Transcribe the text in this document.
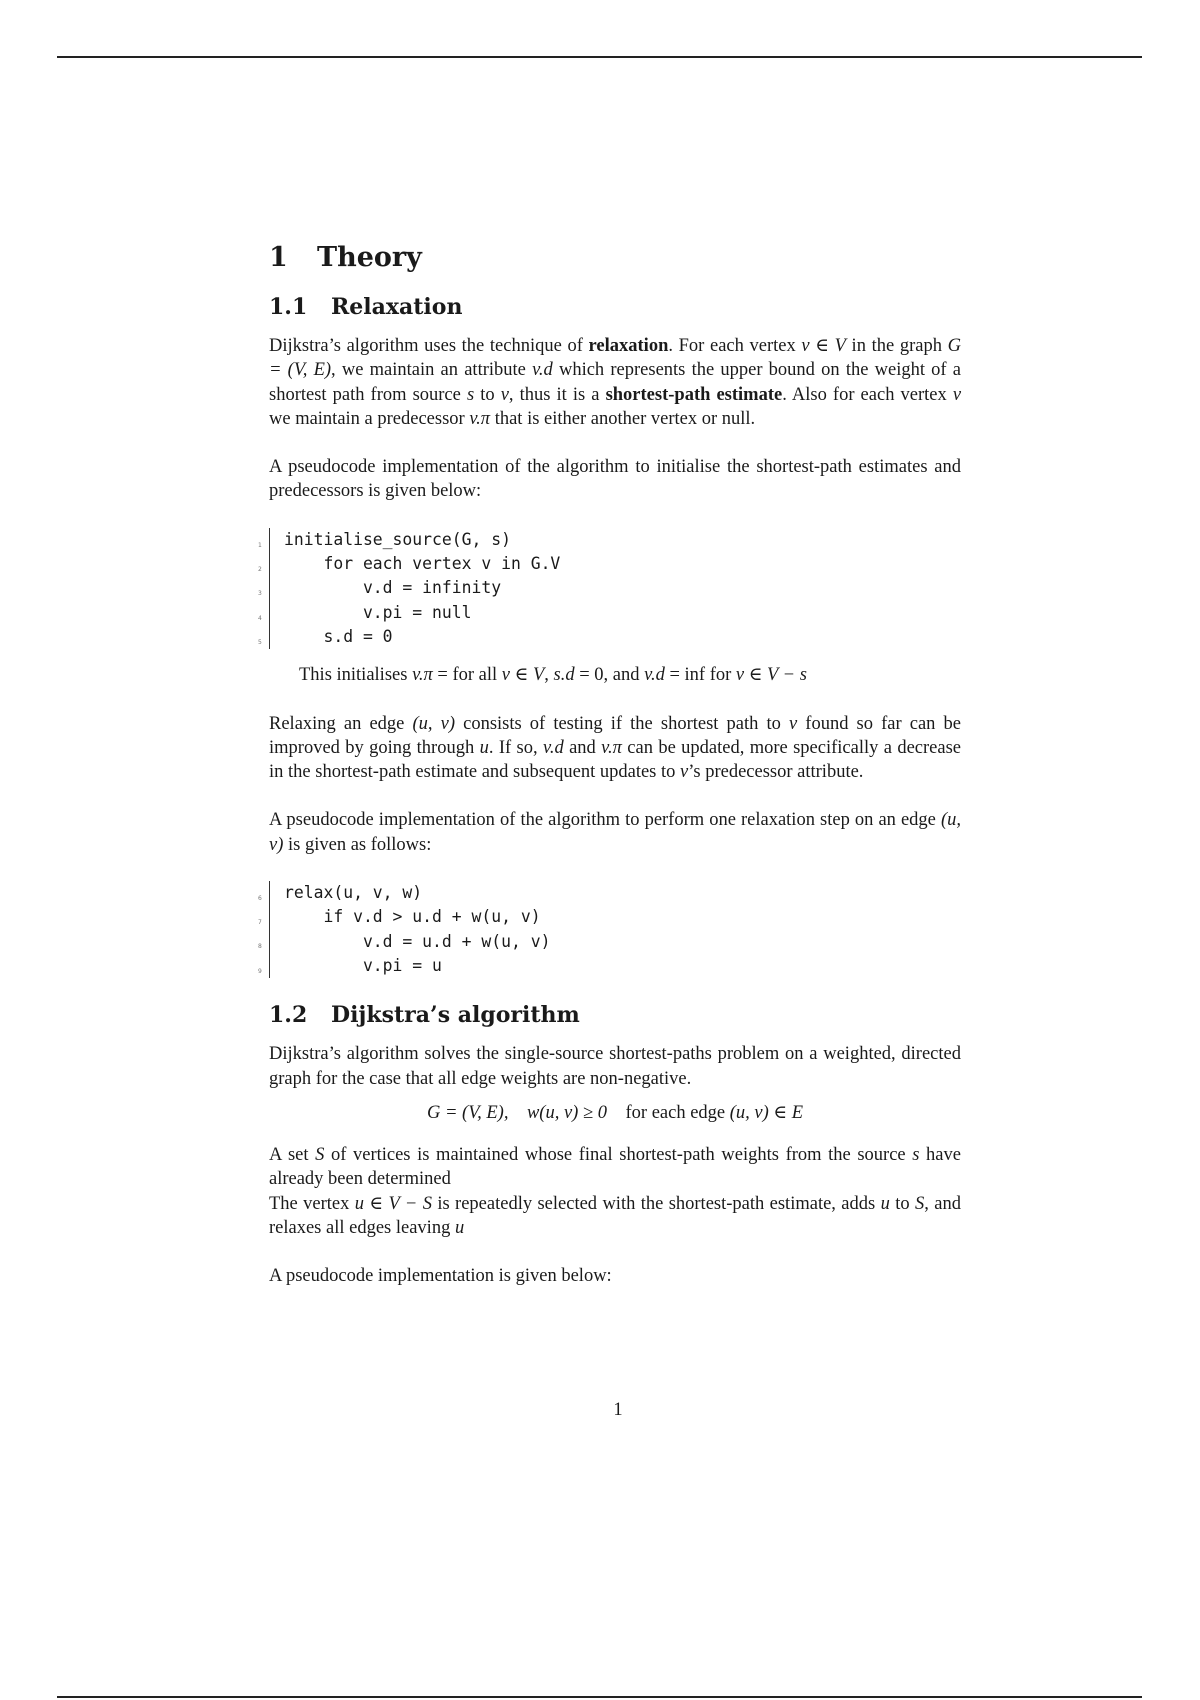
1 Theory
1.1 Relaxation

Dijkstra’s algorithm uses the technique of relaxation. For each vertex v ∈ V in the graph G = (V, E), we maintain an attribute v.d which represents the upper bound on the weight of a shortest path from source s to v, thus it is a shortest-path estimate. Also for each vertex v we maintain a predecessor v.π that is either another vertex or null.

A pseudocode implementation of the algorithm to initialise the shortest-path estimates and predecessors is given below:

1
2
3
4
5
initialise_source(G, s)
for each vertex v in G.V
v.d = infinity
v.pi = null
s.d = 0
This initialises v.π = for all v ∈ V, s.d = 0, and v.d = inf for v ∈ V − s

Relaxing an edge (u, v) consists of testing if the shortest path to v found so far can be improved by going through u. If so, v.d and v.π can be updated, more specifically a decrease in the shortest-path estimate and subsequent updates to v’s predecessor attribute.

A pseudocode implementation of the algorithm to perform one relaxation step on an edge (u, v) is given as follows:

6
7
8
9
relax(u, v, w)
if v.d > u.d + w(u, v)
v.d = u.d + w(u, v)
v.pi = u
1.2 Dijkstra’s algorithm

Dijkstra’s algorithm solves the single-source shortest-paths problem on a weighted, directed graph for the case that all edge weights are non-negative.

G = (V, E), w(u, v) ≥ 0 for each edge (u, v) ∈ E

A set S of vertices is maintained whose final shortest-path weights from the source s have already been determined
The vertex u ∈ V − S is repeatedly selected with the shortest-path estimate, adds u to S, and relaxes all edges leaving u

A pseudocode implementation is given below:

1
